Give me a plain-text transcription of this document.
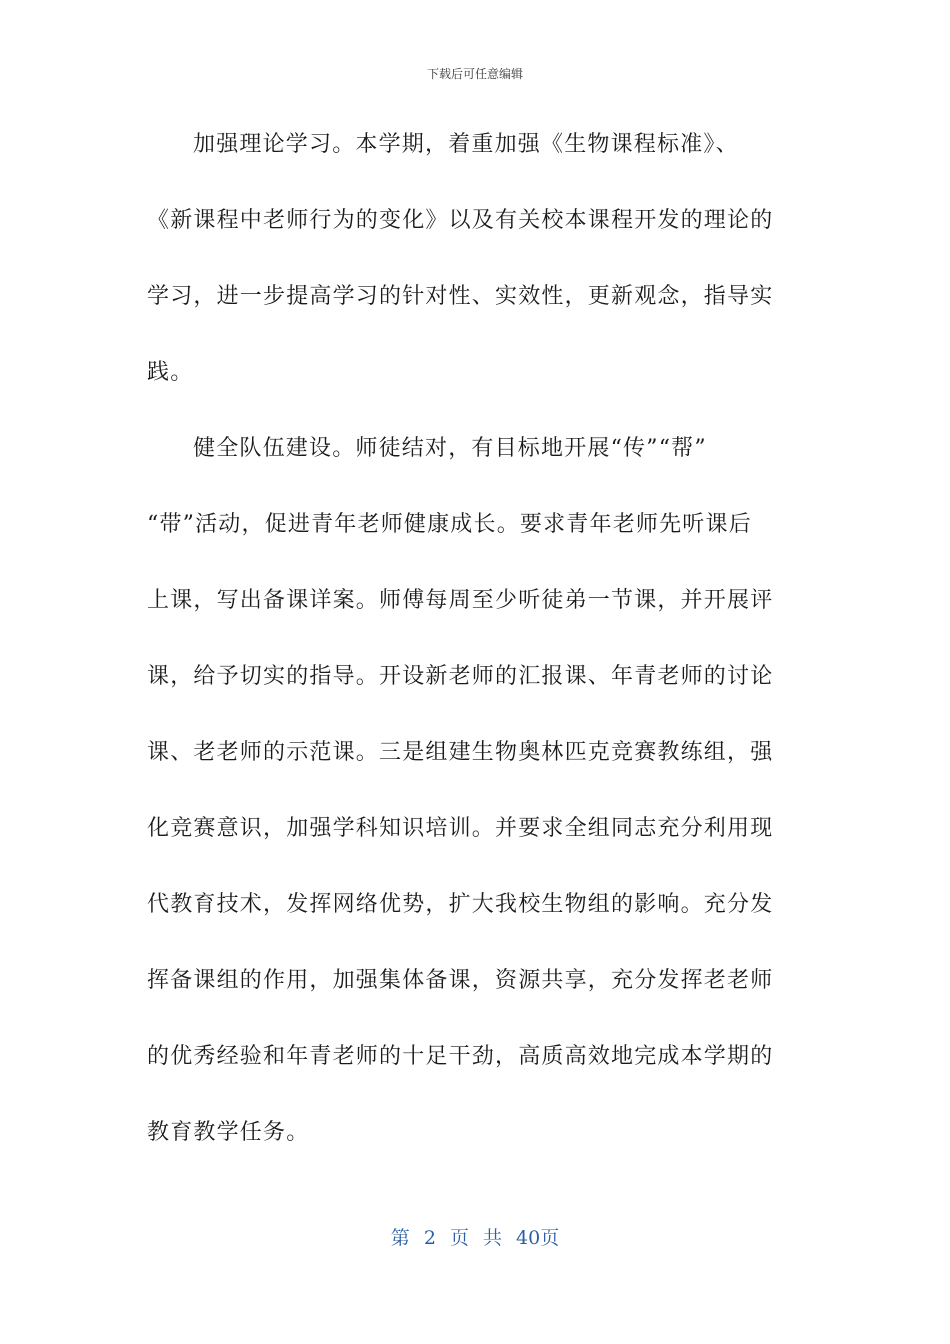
下载后可任意编辑
加强理论学习。本学期，着重加强《生物课程标准》、
《新课程中老师行为的变化》以及有关校本课程开发的理论的
学习，进一步提高学习的针对性、实效性，更新观念，指导实
践。
健全队伍建设。师徒结对，有目标地开展“传”“帮”
“带”活动，促进青年老师健康成长。要求青年老师先听课后
上课，写出备课详案。师傅每周至少听徒弟一节课，并开展评
课，给予切实的指导。开设新老师的汇报课、年青老师的讨论
课、老老师的示范课。三是组建生物奥林匹克竞赛教练组，强
化竞赛意识，加强学科知识培训。并要求全组同志充分利用现
代教育技术，发挥网络优势，扩大我校生物组的影响。充分发
挥备课组的作用，加强集体备课，资源共享，充分发挥老老师
的优秀经验和年青老师的十足干劲，高质高效地完成本学期的
教育教学任务。
第 2 页 共 40页
